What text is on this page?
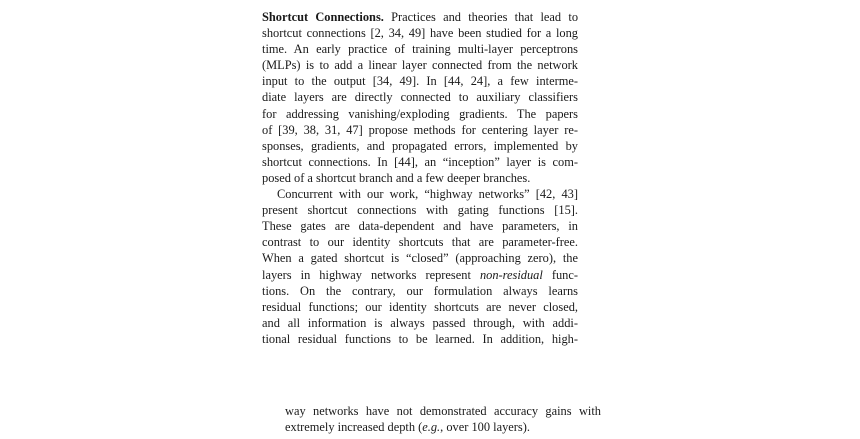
Shortcut Connections. Practices and theories that lead to
shortcut connections [2, 34, 49] have been studied for a long
time. An early practice of training multi-layer perceptrons
(MLPs) is to add a linear layer connected from the network
input to the output [34, 49]. In [44, 24], a few interme-
diate layers are directly connected to auxiliary classifiers
for addressing vanishing/exploding gradients. The papers
of [39, 38, 31, 47] propose methods for centering layer re-
sponses, gradients, and propagated errors, implemented by
shortcut connections. In [44], an “inception” layer is com-
posed of a shortcut branch and a few deeper branches.
Concurrent with our work, “highway networks” [42, 43]
present shortcut connections with gating functions [15].
These gates are data-dependent and have parameters, in
contrast to our identity shortcuts that are parameter-free.
When a gated shortcut is “closed” (approaching zero), the
layers in highway networks represent non-residual func-
tions. On the contrary, our formulation always learns
residual functions; our identity shortcuts are never closed,
and all information is always passed through, with addi-
tional residual functions to be learned. In addition, high-
way networks have not demonstrated accuracy gains with
extremely increased depth (e.g., over 100 layers).
